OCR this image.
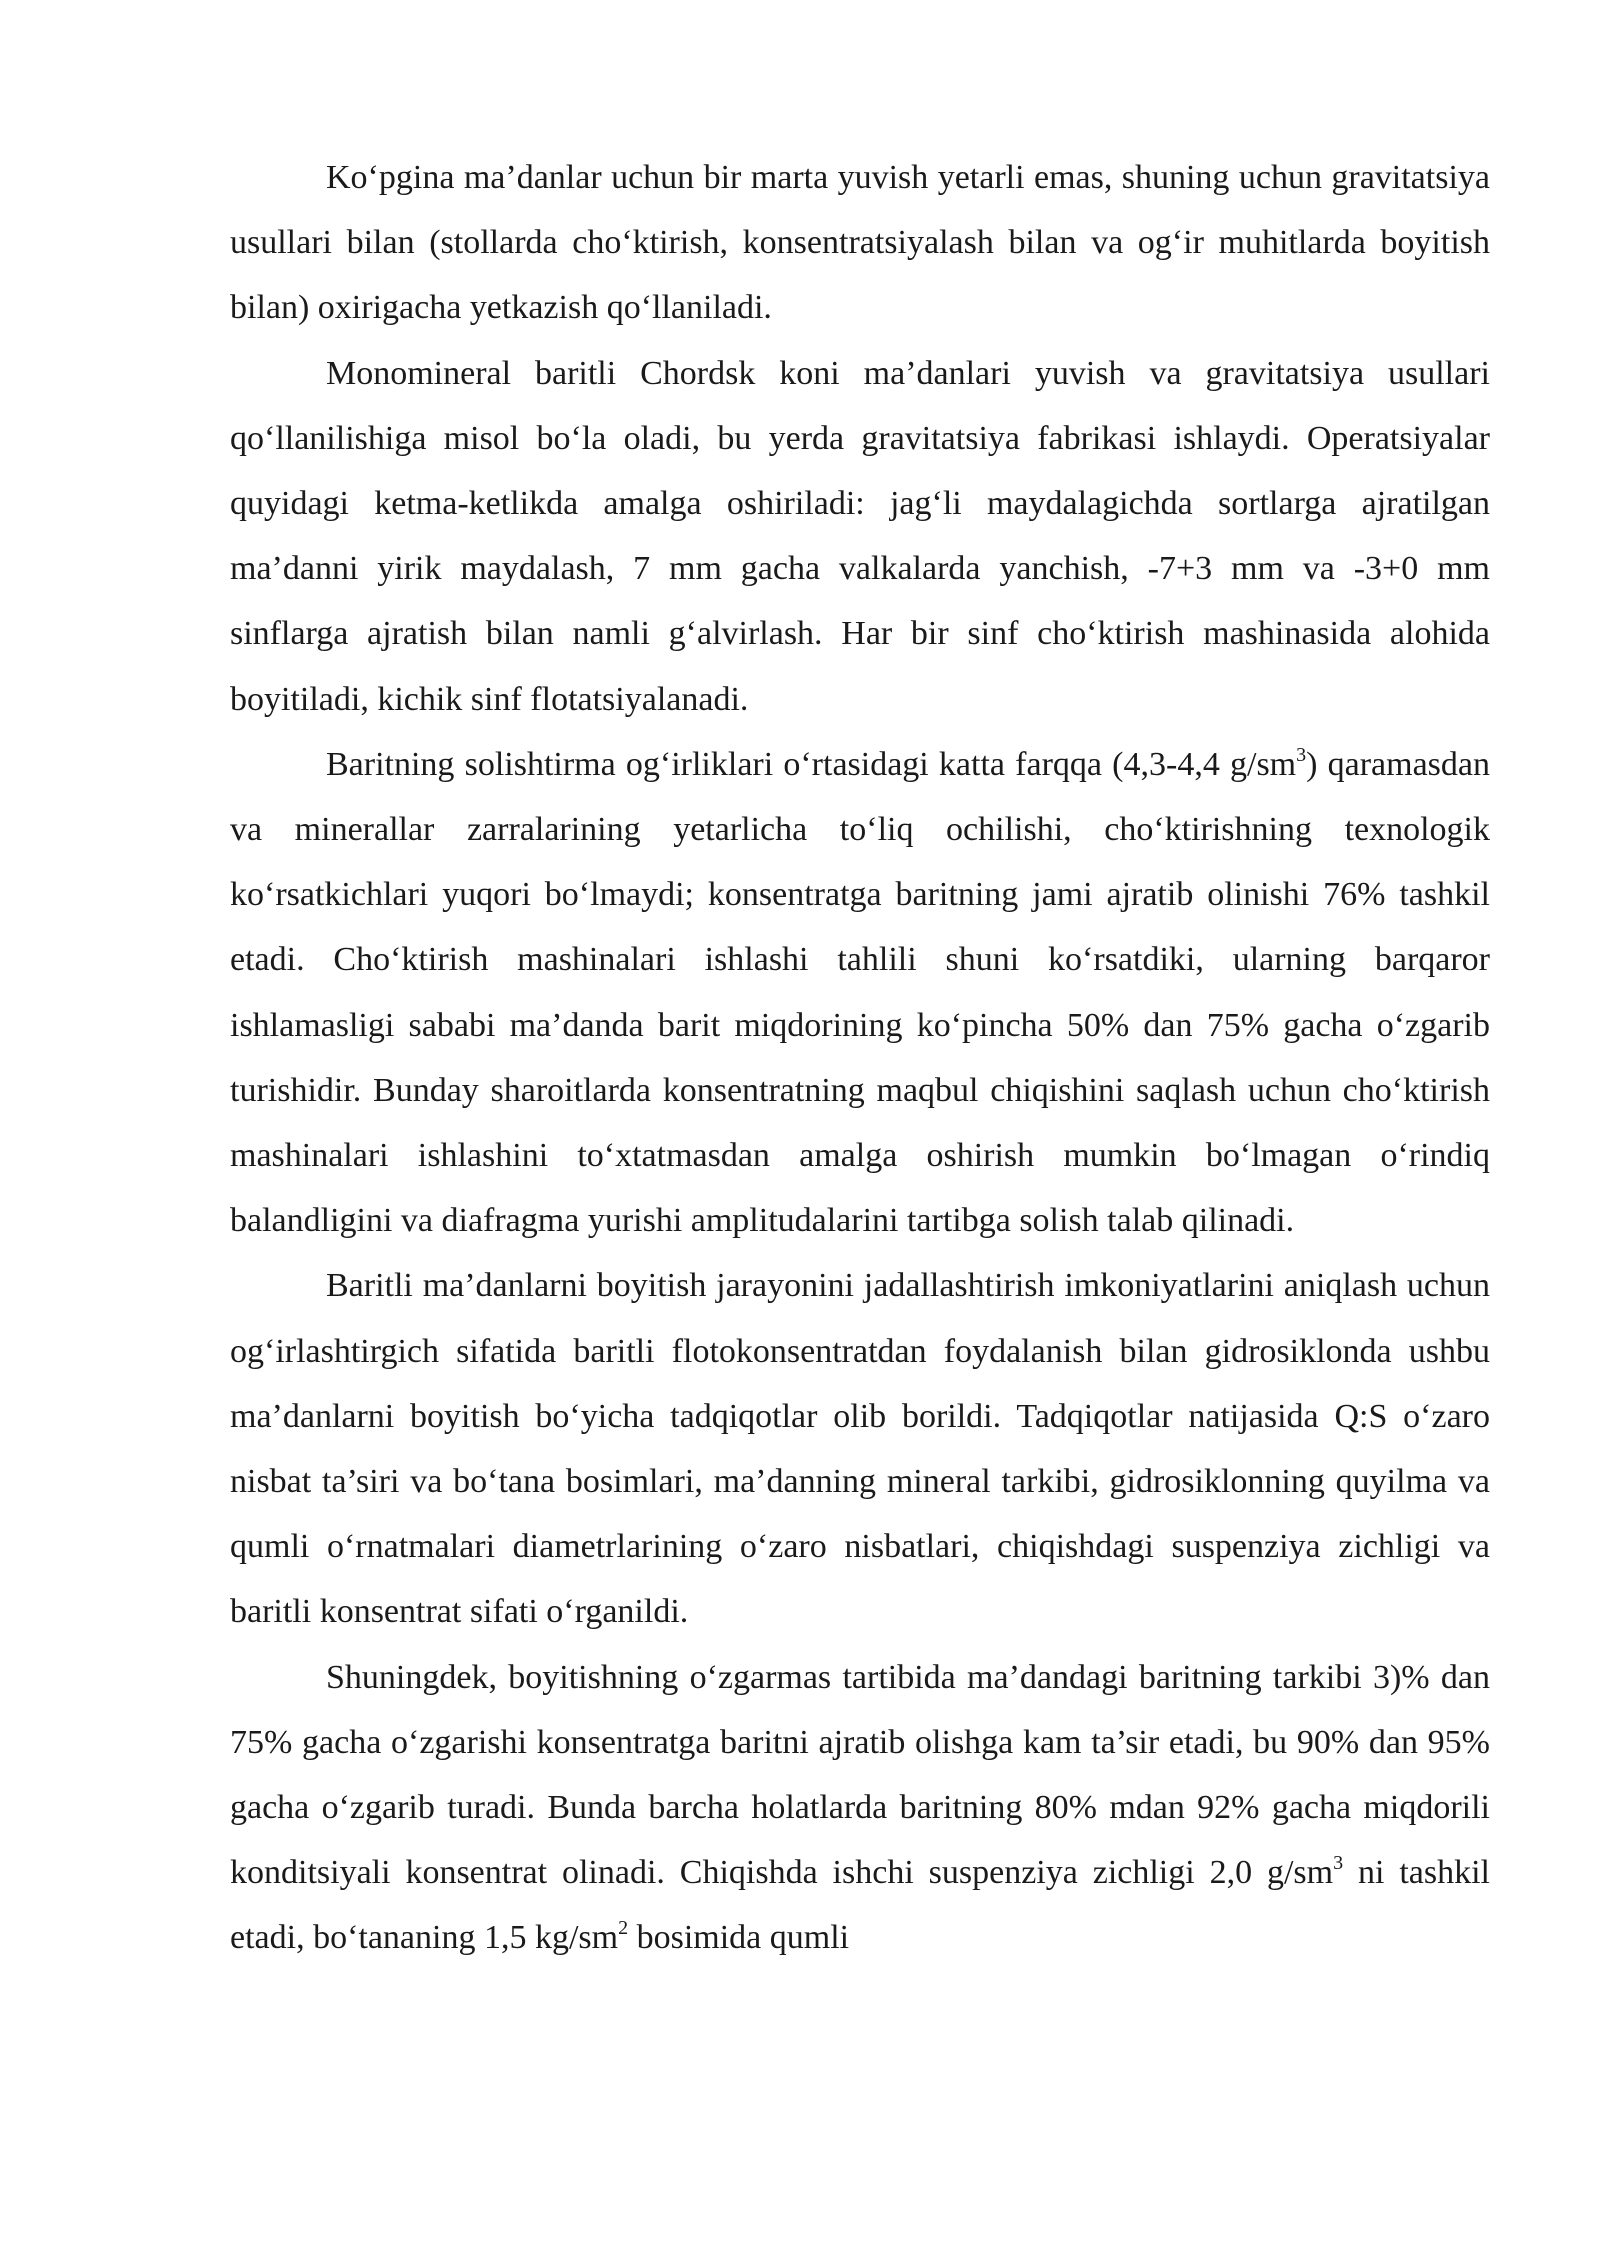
Ko‘pgina ma’danlar uchun bir marta yuvish yetarli emas, shuning uchun gravitatsiya usullari bilan (stollarda cho‘ktirish, konsentratsiyalash bilan va og‘ir muhitlarda boyitish bilan) oxirigacha yetkazish qo‘llaniladi.

Monomineral baritli Chordsk koni ma’danlari yuvish va gravitatsiya usullari qo‘llanilishiga misol bo‘la oladi, bu yerda gravitatsiya fabrikasi ishlaydi. Operatsiyalar quyidagi ketma-ketlikda amalga oshiriladi: jag‘li maydalagichda sortlarga ajratilgan ma’danni yirik maydalash, 7 mm gacha valkalarda yanchish, -7+3 mm va -3+0 mm sinflarga ajratish bilan namli g‘alvirlash. Har bir sinf cho‘ktirish mashinasida alohida boyitiladi, kichik sinf flotatsiyalanadi.

Baritning solishtirma og‘irliklari o‘rtasidagi katta farqqa (4,3-4,4 $g/sm^3$) qaramasdan va minerallar zarralarining yetarlicha to‘liq ochilishi, cho‘ktirishning texnologik ko‘rsatkichlari yuqori bo‘lmaydi; konsentratga baritning jami ajratib olinishi 76% tashkil etadi. Cho‘ktirish mashinalari ishlashi tahlili shuni ko‘rsatdiki, ularning barqaror ishlamasligi sababi ma’danda barit miqdorining ko‘pincha 50% dan 75% gacha o‘zgarib turishidir. Bunday sharoitlarda konsentratning maqbul chiqishini saqlash uchun cho‘ktirish mashinalari ishlashini to‘xtatmasdan amalga oshirish mumkin bo‘lmagan o‘rindiq balandligini va diafragma yurishi amplitudalarini tartibga solish talab qilinadi.

Baritli ma’danlarni boyitish jarayonini jadallashtirish imkoniyatlarini aniqlash uchun og‘irlashtirgich sifatida baritli flotokonsentratdan foydalanish bilan gidrosiklonda ushbu ma’danlarni boyitish bo‘yicha tadqiqotlar olib borildi. Tadqiqotlar natijasida Q:S o‘zaro nisbat ta’siri va bo‘tana bosimlari, ma’danning mineral tarkibi, gidrosiklonning quyilma va qumli o‘rnatmalari diametrlarining o‘zaro nisbatlari, chiqishdagi suspenziya zichligi va baritli konsentrat sifati o‘rganildi.

Shuningdek, boyitishning o‘zgarmas tartibida ma’dandagi baritning tarkibi 3)% dan 75% gacha o‘zgarishi konsentratga baritni ajratib olishga kam ta’sir etadi, bu 90% dan 95% gacha o‘zgarib turadi. Bunda barcha holatlarda baritning 80% mdan 92% gacha miqdorili konditsiyali konsentrat olinadi. Chiqishda ishchi suspenziya zichligi 2,0 $g/sm^3$ ni tashkil etadi, bo‘tananing 1,5 $kg/sm^2$ bosimida qumli
